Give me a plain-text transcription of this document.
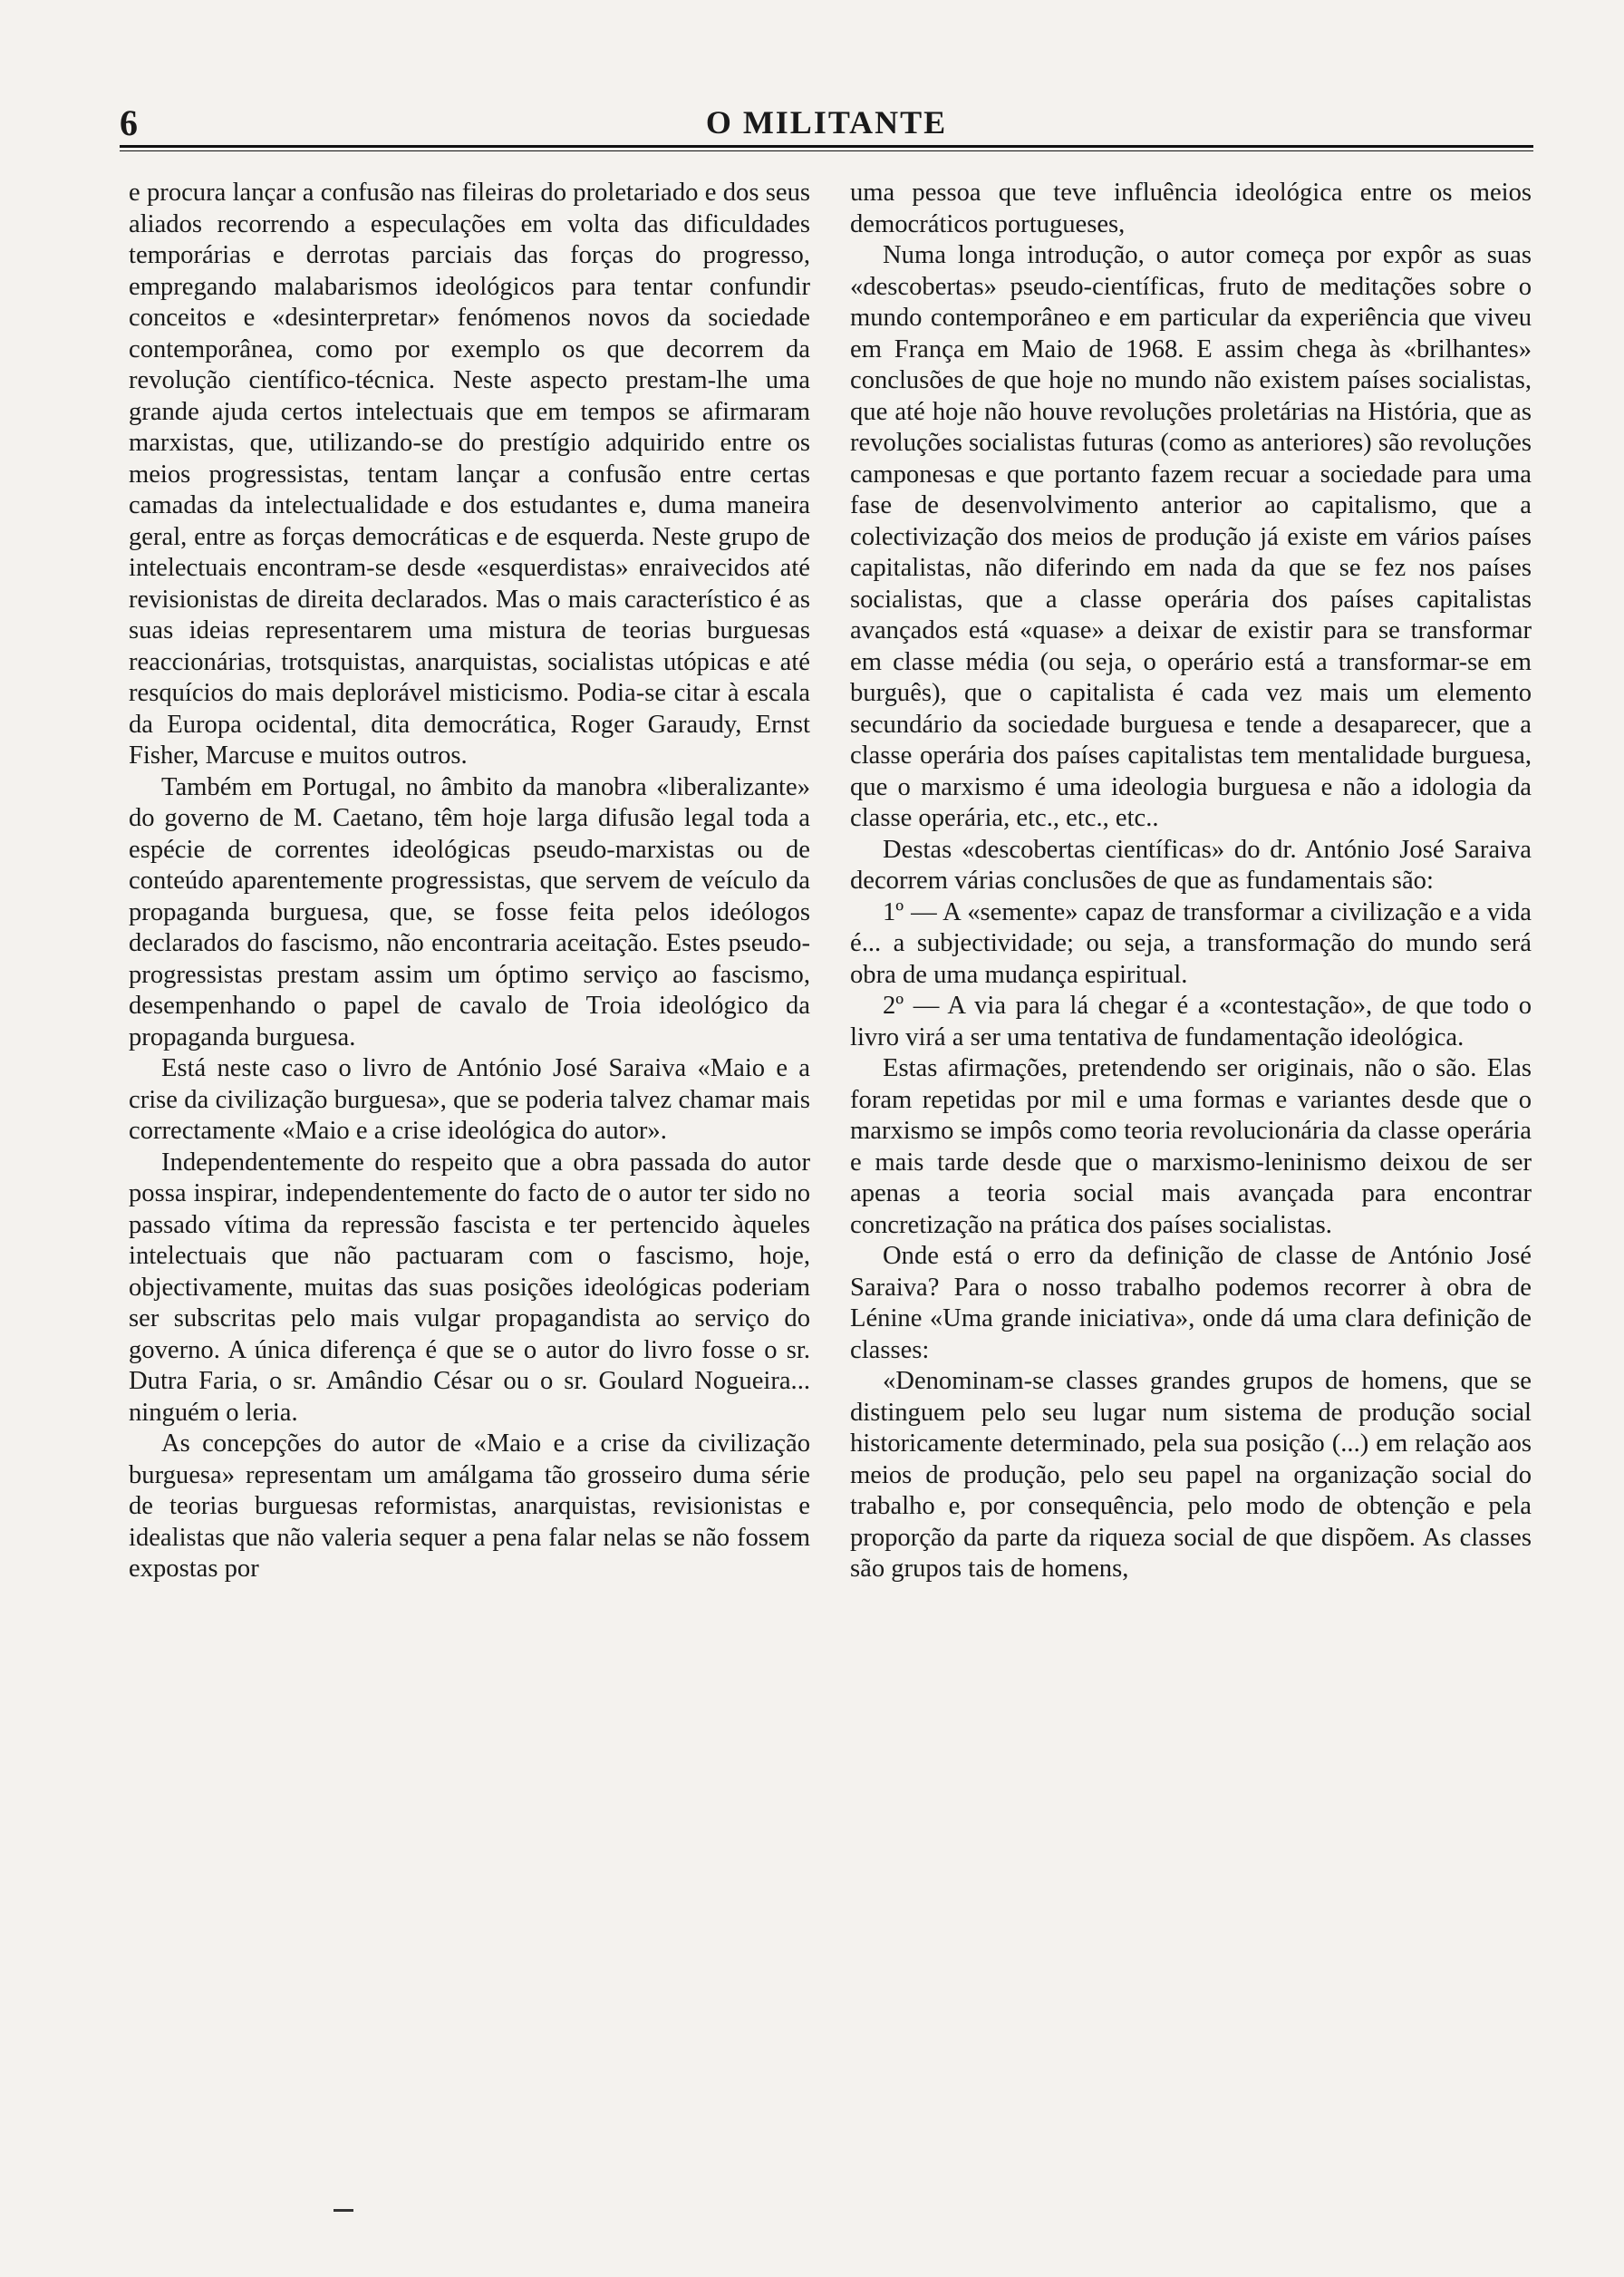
6	O MILITANTE

e procura lançar a confusão nas fileiras do proletariado e dos seus aliados recorrendo a especulações em volta das dificuldades temporárias e derrotas parciais das forças do progresso, empregando malabarismos ideológicos para tentar confundir conceitos e «desinterpretar» fenómenos novos da sociedade contemporânea, como por exemplo os que decorrem da revolução científico-técnica. Neste aspecto prestam-lhe uma grande ajuda certos intelectuais que em tempos se afirmaram marxistas, que, utilizando-se do prestígio adquirido entre os meios progressistas, tentam lançar a confusão entre certas camadas da intelectualidade e dos estudantes e, duma maneira geral, entre as forças democráticas e de esquerda. Neste grupo de intelectuais encontram-se desde «esquerdistas» enraivecidos até revisionistas de direita declarados. Mas o mais característico é as suas ideias representarem uma mistura de teorias burguesas reaccionárias, trotsquistas, anarquistas, socialistas utópicas e até resquícios do mais deplorável misticismo. Podia-se citar à escala da Europa ocidental, dita democrática, Roger Garaudy, Ernst Fisher, Marcuse e muitos outros.

Também em Portugal, no âmbito da manobra «liberalizante» do governo de M. Caetano, têm hoje larga difusão legal toda a espécie de correntes ideológicas pseudo-marxistas ou de conteúdo aparentemente progressistas, que servem de veículo da propaganda burguesa, que, se fosse feita pelos ideólogos declarados do fascismo, não encontraria aceitação. Estes pseudo-progressistas prestam assim um óptimo serviço ao fascismo, desempenhando o papel de cavalo de Troia ideológico da propaganda burguesa.

Está neste caso o livro de António José Saraiva «Maio e a crise da civilização burguesa», que se poderia talvez chamar mais correctamente «Maio e a crise ideológica do autor».

Independentemente do respeito que a obra passada do autor possa inspirar, independentemente do facto de o autor ter sido no passado vítima da repressão fascista e ter pertencido àqueles intelectuais que não pactuaram com o fascismo, hoje, objectivamente, muitas das suas posições ideológicas poderiam ser subscritas pelo mais vulgar propagandista ao serviço do governo. A única diferença é que se o autor do livro fosse o sr. Dutra Faria, o sr. Amândio César ou o sr. Goulard Nogueira... ninguém o leria.

As concepções do autor de «Maio e a crise da civilização burguesa» representam um amálgama tão grosseiro duma série de teorias burguesas reformistas, anarquistas, revisionistas e idealistas que não valeria sequer a pena falar nelas se não fossem expostas por

uma pessoa que teve influência ideológica entre os meios democráticos portugueses,

Numa longa introdução, o autor começa por expôr as suas «descobertas» pseudo-científicas, fruto de meditações sobre o mundo contemporâneo e em particular da experiência que viveu em França em Maio de 1968. E assim chega às «brilhantes» conclusões de que hoje no mundo não existem países socialistas, que até hoje não houve revoluções proletárias na História, que as revoluções socialistas futuras (como as anteriores) são revoluções camponesas e que portanto fazem recuar a sociedade para uma fase de desenvolvimento anterior ao capitalismo, que a colectivização dos meios de produção já existe em vários países capitalistas, não diferindo em nada da que se fez nos países socialistas, que a classe operária dos países capitalistas avançados está «quase» a deixar de existir para se transformar em classe média (ou seja, o operário está a transformar-se em burguês), que o capitalista é cada vez mais um elemento secundário da sociedade burguesa e tende a desaparecer, que a classe operária dos países capitalistas tem mentalidade burguesa, que o marxismo é uma ideologia burguesa e não a idologia da classe operária, etc., etc., etc..

Destas «descobertas científicas» do dr. António José Saraiva decorrem várias conclusões de que as fundamentais são:

1º — A «semente» capaz de transformar a civilização e a vida é... a subjectividade; ou seja, a transformação do mundo será obra de uma mudança espiritual.

2º — A via para lá chegar é a «contestação», de que todo o livro virá a ser uma tentativa de fundamentação ideológica.

Estas afirmações, pretendendo ser originais, não o são. Elas foram repetidas por mil e uma formas e variantes desde que o marxismo se impôs como teoria revolucionária da classe operária e mais tarde desde que o marxismo-leninismo deixou de ser apenas a teoria social mais avançada para encontrar concretização na prática dos países socialistas.

Onde está o erro da definição de classe de António José Saraiva? Para o nosso trabalho podemos recorrer à obra de Lénine «Uma grande iniciativa», onde dá uma clara definição de classes:

«Denominam-se classes grandes grupos de homens, que se distinguem pelo seu lugar num sistema de produção social historicamente determinado, pela sua posição (...) em relação aos meios de produção, pelo seu papel na organização social do trabalho e, por consequência, pelo modo de obtenção e pela proporção da parte da riqueza social de que dispõem. As classes são grupos tais de homens,
